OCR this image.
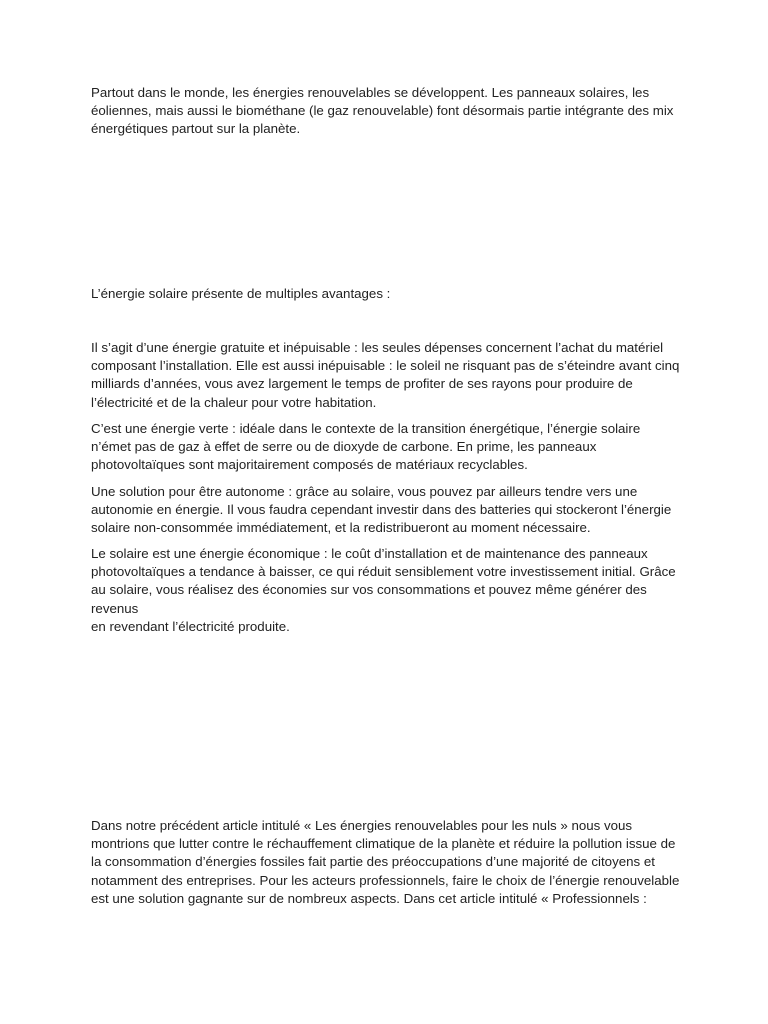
Partout dans le monde, les énergies renouvelables se développent. Les panneaux solaires, les
éoliennes, mais aussi le biométhane (le gaz renouvelable) font désormais partie intégrante des mix
énergétiques partout sur la planète.

L’énergie solaire présente de multiples avantages :

Il s’agit d’une énergie gratuite et inépuisable : les seules dépenses concernent l’achat du matériel
composant l’installation. Elle est aussi inépuisable : le soleil ne risquant pas de s’éteindre avant cinq
milliards d’années, vous avez largement le temps de profiter de ses rayons pour produire de
l’électricité et de la chaleur pour votre habitation.

C’est une énergie verte : idéale dans le contexte de la transition énergétique, l’énergie solaire
n’émet pas de gaz à effet de serre ou de dioxyde de carbone. En prime, les panneaux
photovoltaïques sont majoritairement composés de matériaux recyclables.

Une solution pour être autonome : grâce au solaire, vous pouvez par ailleurs tendre vers une
autonomie en énergie. Il vous faudra cependant investir dans des batteries qui stockeront l’énergie
solaire non-consommée immédiatement, et la redistribueront au moment nécessaire.

Le solaire est une énergie économique : le coût d’installation et de maintenance des panneaux
photovoltaïques a tendance à baisser, ce qui réduit sensiblement votre investissement initial. Grâce
au solaire, vous réalisez des économies sur vos consommations et pouvez même générer des revenus
en revendant l’électricité produite.

Dans notre précédent article intitulé « Les énergies renouvelables pour les nuls » nous vous
montrions que lutter contre le réchauffement climatique de la planète et réduire la pollution issue de
la consommation d’énergies fossiles fait partie des préoccupations d’une majorité de citoyens et
notamment des entreprises. Pour les acteurs professionnels, faire le choix de l’énergie renouvelable
est une solution gagnante sur de nombreux aspects. Dans cet article intitulé « Professionnels :
